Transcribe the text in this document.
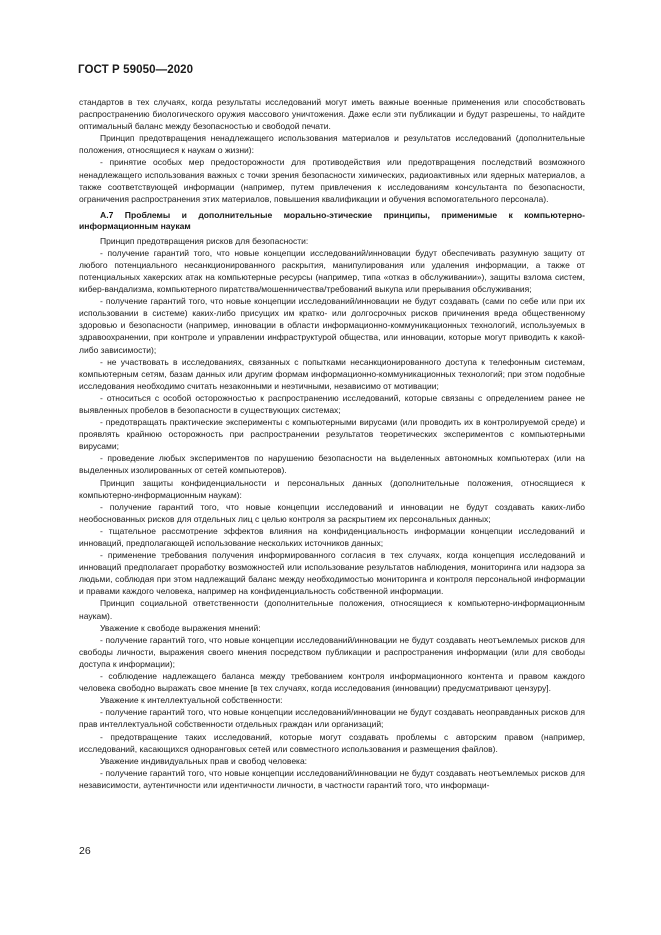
ГОСТ Р 59050—2020

стандартов в тех случаях, когда результаты исследований могут иметь важные военные применения или способствовать распространению биологического оружия массового уничтожения. Даже если эти публикации и будут разрешены, то найдите оптимальный баланс между безопасностью и свободой печати.

Принцип предотвращения ненадлежащего использования материалов и результатов исследований (дополнительные положения, относящиеся к наукам о жизни):

- принятие особых мер предосторожности для противодействия или предотвращения последствий возможного ненадлежащего использования важных с точки зрения безопасности химических, радиоактивных или ядерных материалов, а также соответствующей информации (например, путем привлечения к исследованиям консультанта по безопасности, ограничения распространения этих материалов, повышения квалификации и обучения вспомогательного персонала).

А.7 Проблемы и дополнительные морально-этические принципы, применимые к компьютерно-информационным наукам

Принцип предотвращения рисков для безопасности:

- получение гарантий того, что новые концепции исследований/инновации будут обеспечивать разумную защиту от любого потенциального несанкционированного раскрытия, манипулирования или удаления информации, а также от потенциальных хакерских атак на компьютерные ресурсы (например, типа «отказ в обслуживании»), защиты взлома систем, кибер-вандализма, компьютерного пиратства/мошенничества/требований выкупа или прерывания обслуживания;

- получение гарантий того, что новые концепции исследований/инновации не будут создавать (сами по себе или при их использовании в системе) каких-либо присущих им кратко- или долгосрочных рисков причинения вреда общественному здоровью и безопасности (например, инновации в области информационно-коммуникационных технологий, используемых в здравоохранении, при контроле и управлении инфраструктурой общества, или инновации, которые могут приводить к какой-либо зависимости);

- не участвовать в исследованиях, связанных с попытками несанкционированного доступа к телефонным системам, компьютерным сетям, базам данных или другим формам информационно-коммуникационных технологий; при этом подобные исследования необходимо считать незаконными и неэтичными, независимо от мотивации;

- относиться с особой осторожностью к распространению исследований, которые связаны с определением ранее не выявленных пробелов в безопасности в существующих системах;

- предотвращать практические эксперименты с компьютерными вирусами (или проводить их в контролируемой среде) и проявлять крайнюю осторожность при распространении результатов теоретических экспериментов с компьютерными вирусами;

- проведение любых экспериментов по нарушению безопасности на выделенных автономных компьютерах (или на выделенных изолированных от сетей компьютеров).

Принцип защиты конфиденциальности и персональных данных (дополнительные положения, относящиеся к компьютерно-информационным наукам):

- получение гарантий того, что новые концепции исследований и инновации не будут создавать каких-либо необоснованных рисков для отдельных лиц с целью контроля за раскрытием их персональных данных;

- тщательное рассмотрение эффектов влияния на конфиденциальность информации концепции исследований и инноваций, предполагающей использование нескольких источников данных;

- применение требования получения информированного согласия в тех случаях, когда концепция исследований и инноваций предполагает проработку возможностей или использование результатов наблюдения, мониторинга или надзора за людьми, соблюдая при этом надлежащий баланс между необходимостью мониторинга и контроля персональной информации и правами каждого человека, например на конфиденциальность собственной информации.

Принцип социальной ответственности (дополнительные положения, относящиеся к компьютерно-информационным наукам).

Уважение к свободе выражения мнений:

- получение гарантий того, что новые концепции исследований/инновации не будут создавать неотъемлемых рисков для свободы личности, выражения своего мнения посредством публикации и распространения информации (или для свободы доступа к информации);

- соблюдение надлежащего баланса между требованием контроля информационного контента и правом каждого человека свободно выражать свое мнение [в тех случаях, когда исследования (инновации) предусматривают цензуру].

Уважение к интеллектуальной собственности:

- получение гарантий того, что новые концепции исследований/инновации не будут создавать неоправданных рисков для прав интеллектуальной собственности отдельных граждан или организаций;

- предотвращение таких исследований, которые могут создавать проблемы с авторским правом (например, исследований, касающихся одноранговых сетей или совместного использования и размещения файлов).

Уважение индивидуальных прав и свобод человека:

- получение гарантий того, что новые концепции исследований/инновации не будут создавать неотъемлемых рисков для независимости, аутентичности или идентичности личности, в частности гарантий того, что информаци-

26
